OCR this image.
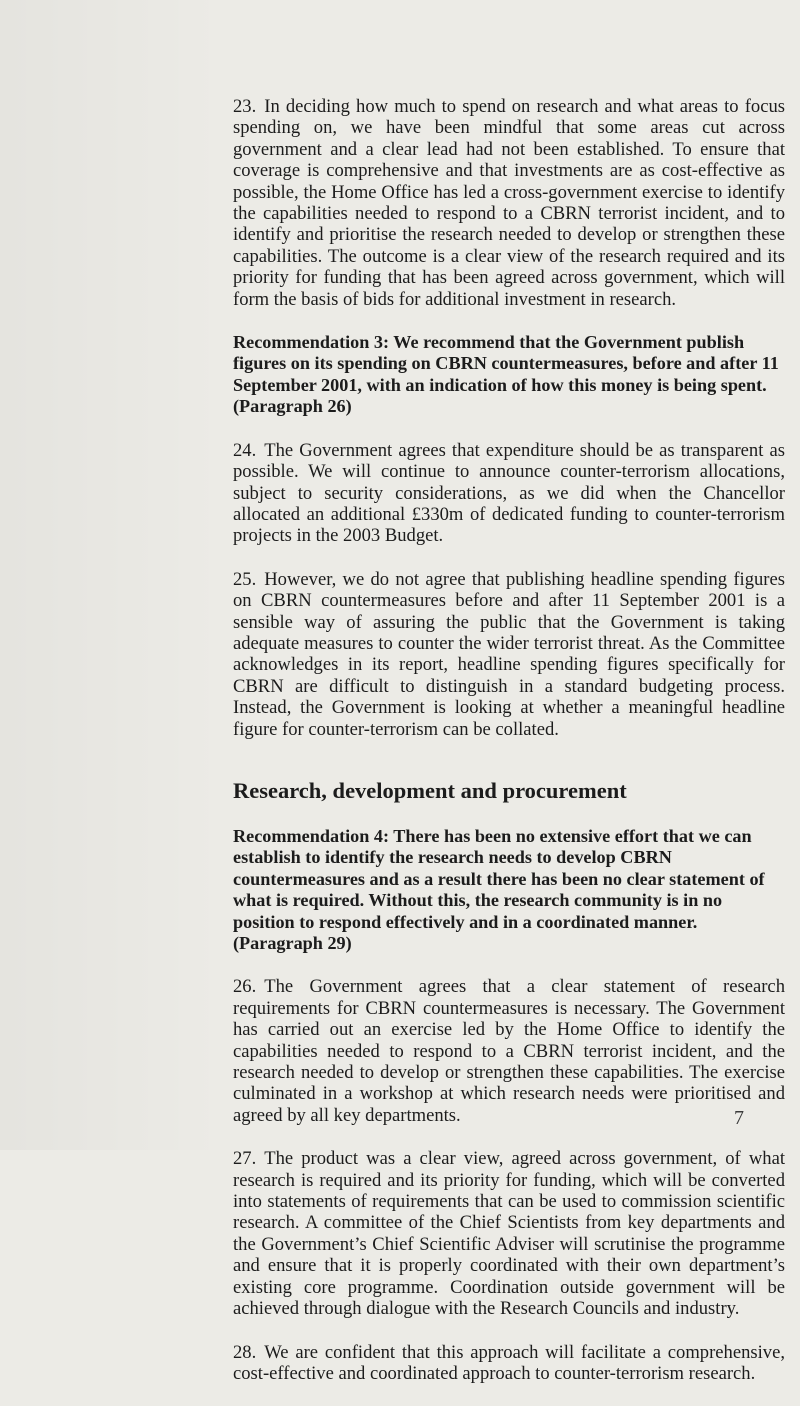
23. In deciding how much to spend on research and what areas to focus spending on, we have been mindful that some areas cut across government and a clear lead had not been established. To ensure that coverage is comprehensive and that investments are as cost-effective as possible, the Home Office has led a cross-government exercise to identify the capabilities needed to respond to a CBRN terrorist incident, and to identify and prioritise the research needed to develop or strengthen these capabilities. The outcome is a clear view of the research required and its priority for funding that has been agreed across government, which will form the basis of bids for additional investment in research.

Recommendation 3: We recommend that the Government publish figures on its spending on CBRN countermeasures, before and after 11 September 2001, with an indication of how this money is being spent. (Paragraph 26)

24. The Government agrees that expenditure should be as transparent as possible. We will continue to announce counter-terrorism allocations, subject to security considerations, as we did when the Chancellor allocated an additional £330m of dedicated funding to counter-terrorism projects in the 2003 Budget.

25. However, we do not agree that publishing headline spending figures on CBRN countermeasures before and after 11 September 2001 is a sensible way of assuring the public that the Government is taking adequate measures to counter the wider terrorist threat. As the Committee acknowledges in its report, headline spending figures specifically for CBRN are difficult to distinguish in a standard budgeting process. Instead, the Government is looking at whether a meaningful headline figure for counter-terrorism can be collated.

Research, development and procurement

Recommendation 4: There has been no extensive effort that we can establish to identify the research needs to develop CBRN countermeasures and as a result there has been no clear statement of what is required. Without this, the research community is in no position to respond effectively and in a coordinated manner. (Paragraph 29)

26. The Government agrees that a clear statement of research requirements for CBRN countermeasures is necessary. The Government has carried out an exercise led by the Home Office to identify the capabilities needed to respond to a CBRN terrorist incident, and the research needed to develop or strengthen these capabilities. The exercise culminated in a workshop at which research needs were prioritised and agreed by all key departments.

27. The product was a clear view, agreed across government, of what research is required and its priority for funding, which will be converted into statements of requirements that can be used to commission scientific research. A committee of the Chief Scientists from key departments and the Government’s Chief Scientific Adviser will scrutinise the programme and ensure that it is properly coordinated with their own department’s existing core programme. Coordination outside government will be achieved through dialogue with the Research Councils and industry.

28. We are confident that this approach will facilitate a comprehensive, cost-effective and coordinated approach to counter-terrorism research.

7
